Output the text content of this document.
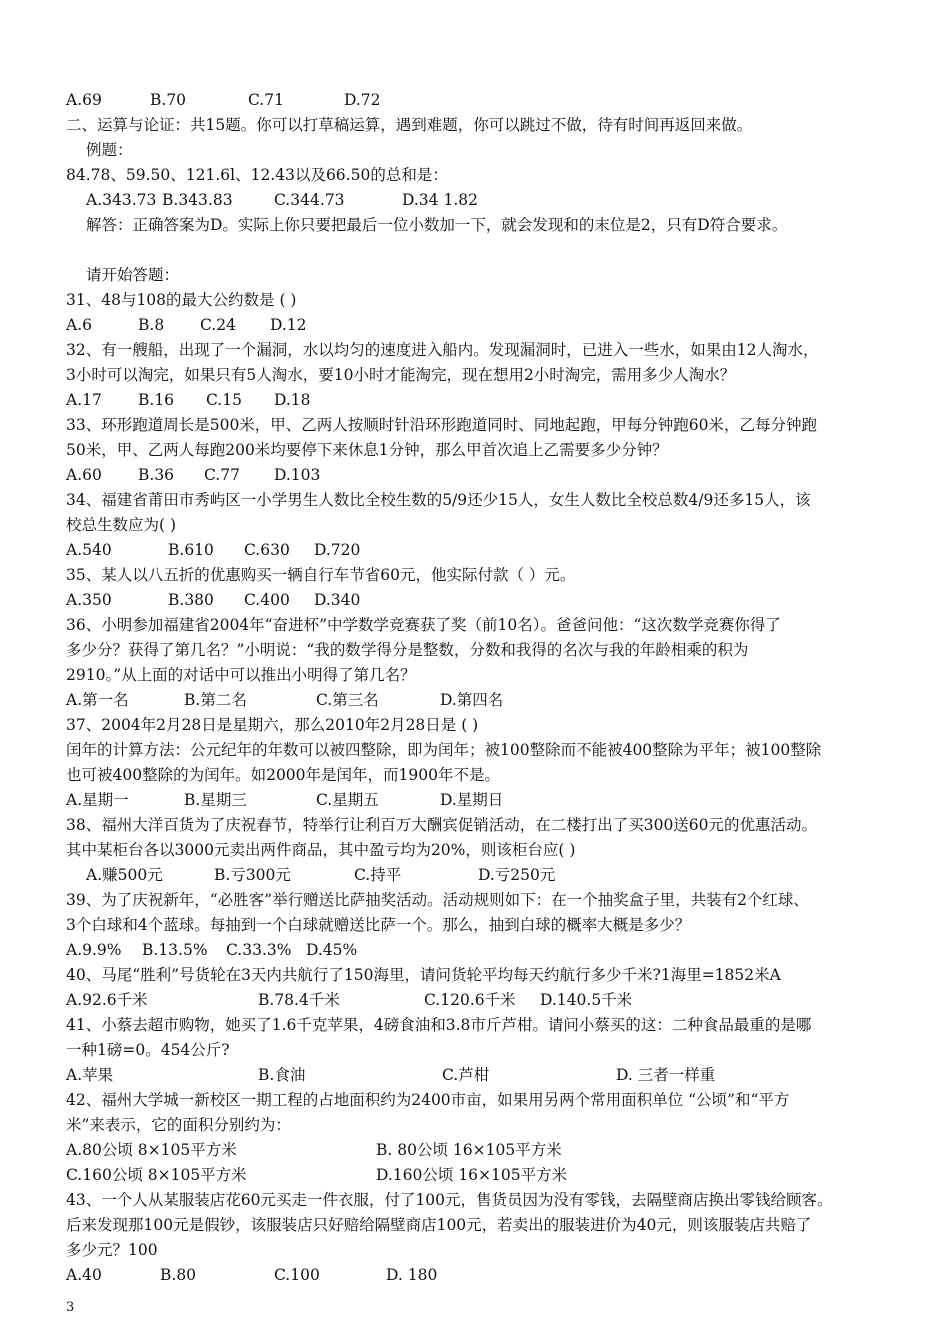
A.69	B.70	C.71	D.72
二、运算与论证：共15题。你可以打草稿运算，遇到难题，你可以跳过不做，待有时间再返回来做。
例题：
84.78、59.50、121.6l、12.43以及66.50的总和是：
A.343.73 B.343.83	C.344.73	D.34 1.82
解答：正确答案为D。实际上你只要把最后一位小数加一下，就会发现和的末位是2，只有D符合要求。
请开始答题：
31、48与108的最大公约数是 ( )
A.6	B.8 C.24 D.12
32、有一艘船，出现了一个漏洞，水以均匀的速度进入船内。发现漏洞时，已进入一些水，如果由12人淘水，
3小时可以淘完，如果只有5人淘水，要10小时才能淘完，现在想用2小时淘完，需用多少人淘水？
A.17 B.16 C.15 D.18
33、环形跑道周长是500米，甲、乙两人按顺时针沿环形跑道同时、同地起跑，甲每分钟跑60米，乙每分钟跑
50米，甲、乙两人每跑200米均要停下来休息1分钟，那么甲首次追上乙需要多少分钟？
A.60 B.36 C.77 D.103
34、福建省莆田市秀屿区一小学男生人数比全校生数的5/9还少15人，女生人数比全校总数4/9还多15人，该
校总生数应为( )
A.540	B.610 C.630 D.720
35、某人以八五折的优惠购买一辆自行车节省60元，他实际付款（ ）元。
A.350	B.380 C.400 D.340
36、小明参加福建省2004年“奋进杯”中学数学竞赛获了奖（前10名）。爸爸问他：“这次数学竞赛你得了
多少分？获得了第几名？”小明说：“我的数学得分是整数，分数和我得的名次与我的年龄相乘的积为
2910。”从上面的对话中可以推出小明得了第几名？
A.第一名	B.第二名	C.第三名	D.第四名
37、2004年2月28日是星期六，那么2010年2月28日是 ( )
闰年的计算方法：公元纪年的年数可以被四整除，即为闰年；被100整除而不能被400整除为平年；被100整除
也可被400整除的为闰年。如2000年是闰年，而1900年不是。
A.星期一	B.星期三	C.星期五	D.星期日
38、福州大洋百货为了庆祝春节，特举行让利百万大酬宾促销活动，在二楼打出了买300送60元的优惠活动。
其中某柜台各以3000元卖出两件商品，其中盈亏均为20%，则该柜台应( )
A.赚500元	B.亏300元	C.持平	D.亏250元
39、为了庆祝新年，“必胜客”举行赠送比萨抽奖活动。活动规则如下：在一个抽奖盒子里，共装有2个红球、
3个白球和4个蓝球。每抽到一个白球就赠送比萨一个。那么，抽到白球的概率大概是多少？
A.9.9% B.13.5% C.33.3% D.45%
40、马尾“胜利”号货轮在3天内共航行了150海里，请问货轮平均每天约航行多少千米?1海里=1852米A
A.92.6千米	B.78.4千米	C.120.6千米 D.140.5千米
41、小蔡去超市购物，她买了1.6千克苹果，4磅食油和3.8市斤芦柑。请问小蔡买的这：二种食品最重的是哪
一种1磅=0。454公斤?
A.苹果	B.食油	C.芦柑	D. 三者一样重
42、福州大学城一新校区一期工程的占地面积约为2400市亩，如果用另两个常用面积单位 “公顷”和“平方
米”来表示，它的面积分别约为：
A.80公顷 8×105平方米	B. 80公顷 16×105平方米
C.160公顷 8×105平方米	D.160公顷 16×105平方米
43、一个人从某服装店花60元买走一件衣服，付了100元，售货员因为没有零钱，去隔壁商店换出零钱给顾客。
后来发现那100元是假钞，该服装店只好赔给隔壁商店100元，若卖出的服装进价为40元，则该服装店共赔了
多少元？100
A.40	B.80	C.100	D. 180
3
